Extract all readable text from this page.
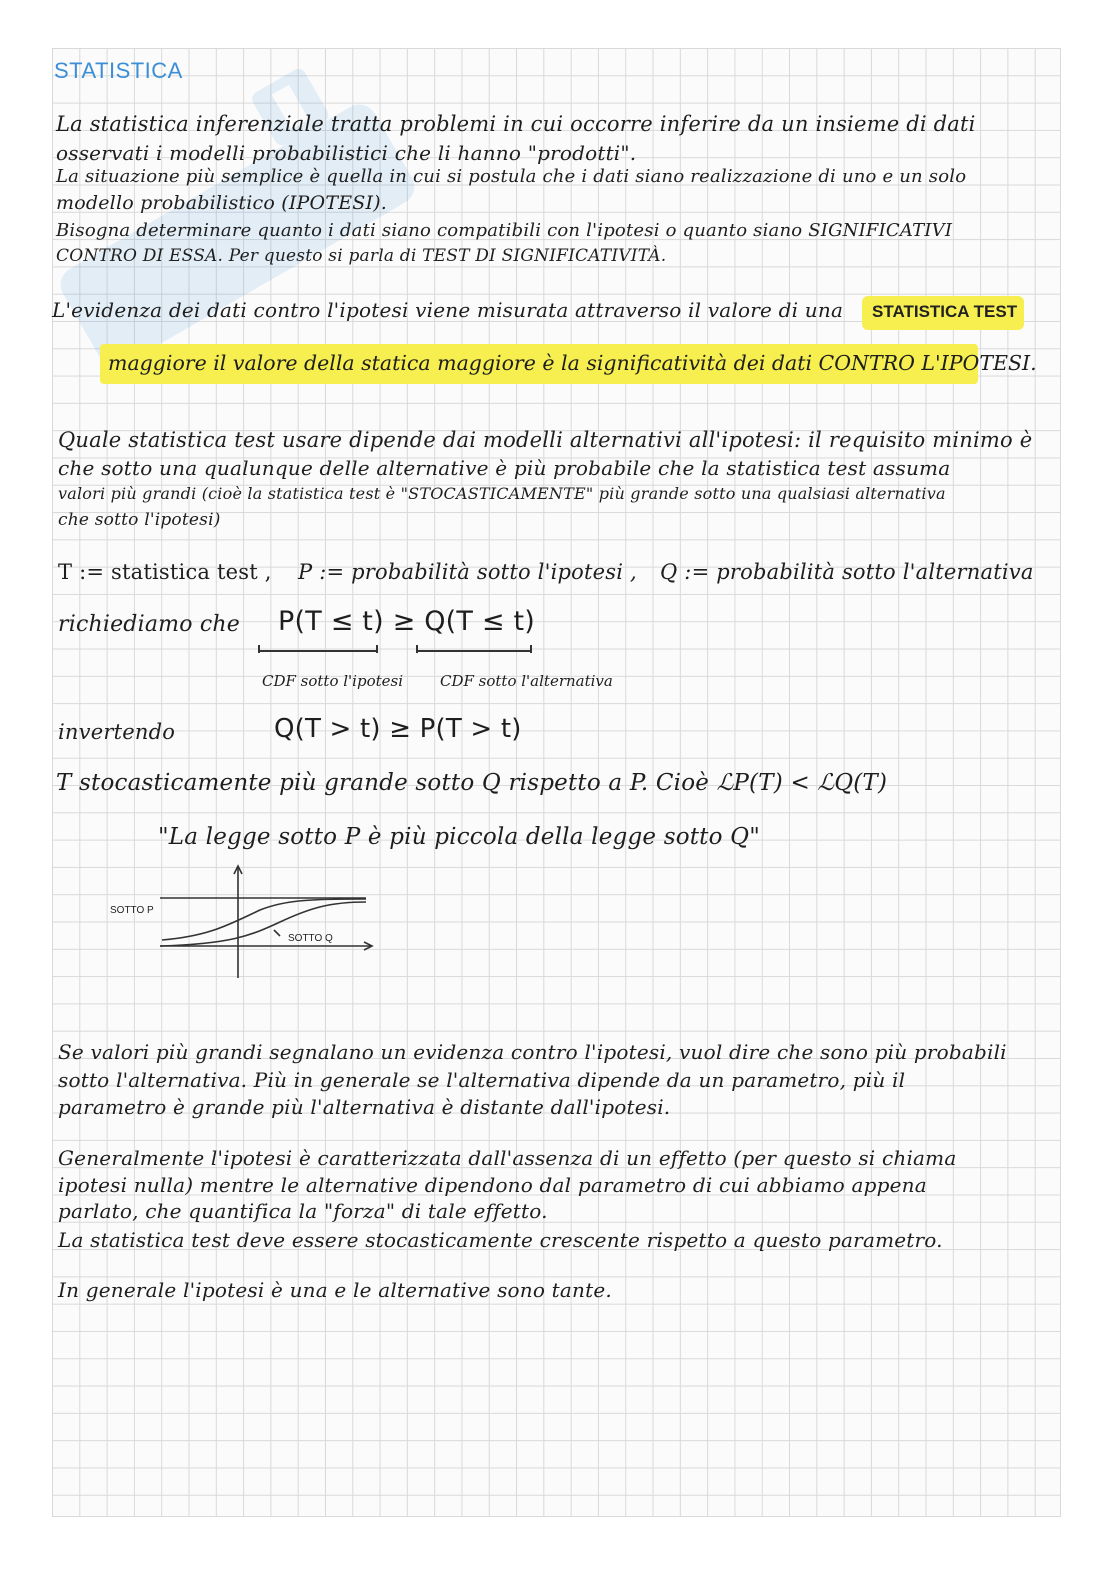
STATISTICA
La statistica inferenziale tratta problemi in cui occorre inferire da un insieme di dati
osservati i modelli probabilistici che li hanno "prodotti".
La situazione più semplice è quella in cui si postula che i dati siano realizzazione di uno e un solo
modello probabilistico (IPOTESI).
Bisogna determinare quanto i dati siano compatibili con l'ipotesi o quanto siano SIGNIFICATIVI
CONTRO DI ESSA. Per questo si parla di TEST DI SIGNIFICATIVITÀ.
L'evidenza dei dati contro l'ipotesi viene misurata attraverso il valore di una STATISTICA TEST
maggiore il valore della statica maggiore è la significatività dei dati CONTRO L'IPOTESI.
Quale statistica test usare dipende dai modelli alternativi all'ipotesi: il requisito minimo è
che sotto una qualunque delle alternative è più probabile che la statistica test assuma
valori più grandi (cioè la statistica test è "STOCASTICAMENTE" più grande sotto una qualsiasi alternativa
che sotto l'ipotesi)
T := statistica test , P := probabilità sotto l'ipotesi , Q := probabilità sotto l'alternativa
richiediamo che P(T ≤ t) ≥ Q(T ≤ t)
CDF sotto l'ipotesi CDF sotto l'alternativa
invertendo	Q(T > t) ≥ P(T > t)
T stocasticamente più grande sotto Q rispetto a P. Cioè ℒP(T) < ℒQ(T)
"La legge sotto P è più piccola della legge sotto Q"
SOTTO P
SOTTO Q
Se valori più grandi segnalano un evidenza contro l'ipotesi, vuol dire che sono più probabili
sotto l'alternativa. Più in generale se l'alternativa dipende da un parametro, più il
parametro è grande più l'alternativa è distante dall'ipotesi.
Generalmente l'ipotesi è caratterizzata dall'assenza di un effetto (per questo si chiama
ipotesi nulla) mentre le alternative dipendono dal parametro di cui abbiamo appena
parlato, che quantifica la "forza" di tale effetto.
La statistica test deve essere stocasticamente crescente rispetto a questo parametro.
In generale l'ipotesi è una e le alternative sono tante.
